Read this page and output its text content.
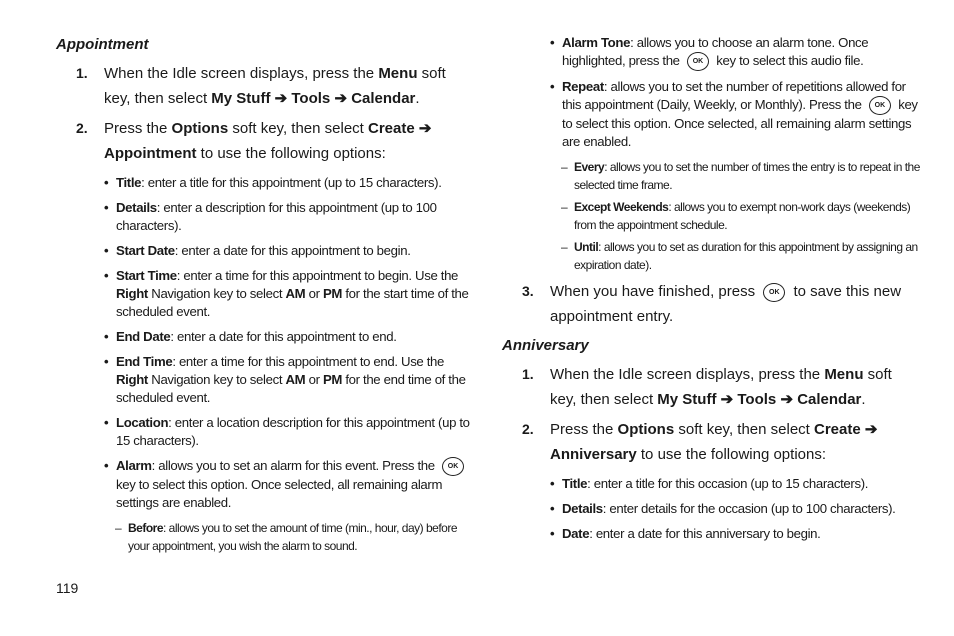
Appointment

1. When the Idle screen displays, press the Menu soft key, then select My Stuff ➔ Tools ➔ Calendar.

2. Press the Options soft key, then select Create ➔ Appointment to use the following options:

• Title: enter a title for this appointment (up to 15 characters).

• Details: enter a description for this appointment (up to 100 characters).

• Start Date: enter a date for this appointment to begin.

• Start Time: enter a time for this appointment to begin. Use the Right Navigation key to select AM or PM for the start time of the scheduled event.

• End Date: enter a date for this appointment to end.

• End Time: enter a time for this appointment to end. Use the Right Navigation key to select AM or PM for the end time of the scheduled event.

• Location: enter a location description for this appointment (up to 15 characters).

• Alarm: allows you to set an alarm for this event. Press the OK key to select this option. Once selected, all remaining alarm settings are enabled.

– Before: allows you to set the amount of time (min., hour, day) before your appointment, you wish the alarm to sound.

• Alarm Tone: allows you to choose an alarm tone. Once highlighted, press the OK key to select this audio file.

• Repeat: allows you to set the number of repetitions allowed for this appointment (Daily, Weekly, or Monthly). Press the OK key to select this option. Once selected, all remaining alarm settings are enabled.

– Every: allows you to set the number of times the entry is to repeat in the selected time frame.

– Except Weekends: allows you to exempt non-work days (weekends) from the appointment schedule.

– Until: allows you to set as duration for this appointment by assigning an expiration date).

3. When you have finished, press OK to save this new appointment entry.

Anniversary

1. When the Idle screen displays, press the Menu soft key, then select My Stuff ➔ Tools ➔ Calendar.

2. Press the Options soft key, then select Create ➔ Anniversary to use the following options:

• Title: enter a title for this occasion (up to 15 characters).

• Details: enter details for the occasion (up to 100 characters).

• Date: enter a date for this anniversary to begin.

119
